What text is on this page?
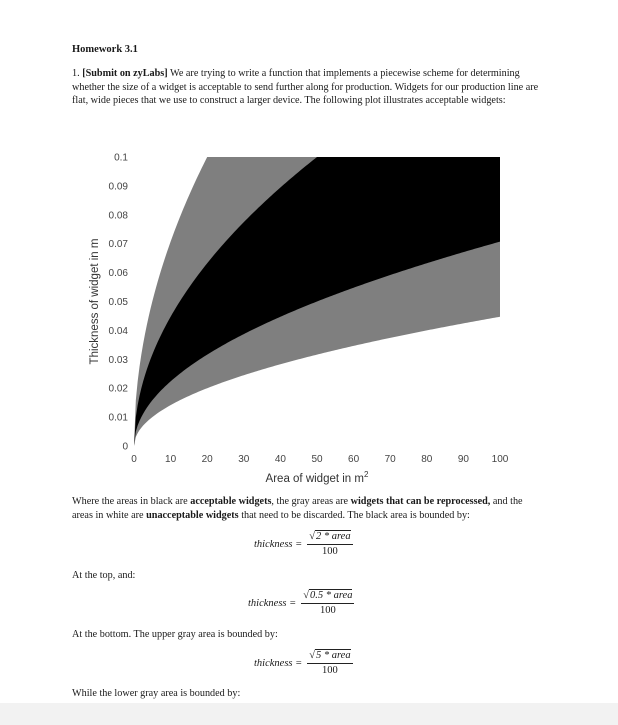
Homework 3.1
1. [Submit on zyLabs] We are trying to write a function that implements a piecewise scheme for determining whether the size of a widget is acceptable to send further along for production. Widgets for our production line are flat, wide pieces that we use to construct a larger device. The following plot illustrates acceptable widgets:
0	10	20	30	40	50	60	70	80	90 100
0
0.01
0.02
0.03
0.04
0.05
0.06
0.07
0.08
0.09
0.1
Area of widget in $m^2$
Thickness of widget in m
Where the areas in black are acceptable widgets, the gray areas are widgets that can be reprocessed, and the areas in white are unacceptable widgets that need to be discarded. The black area is bounded by:
thickness = $\frac{\text{√2 * area}}{100}$
At the top, and:
thickness = $\frac{\text{√0.5 * area}}{100}$
At the bottom. The upper gray area is bounded by:
thickness = $\frac{\text{√5 * area}}{100}$
While the lower gray area is bounded by:
